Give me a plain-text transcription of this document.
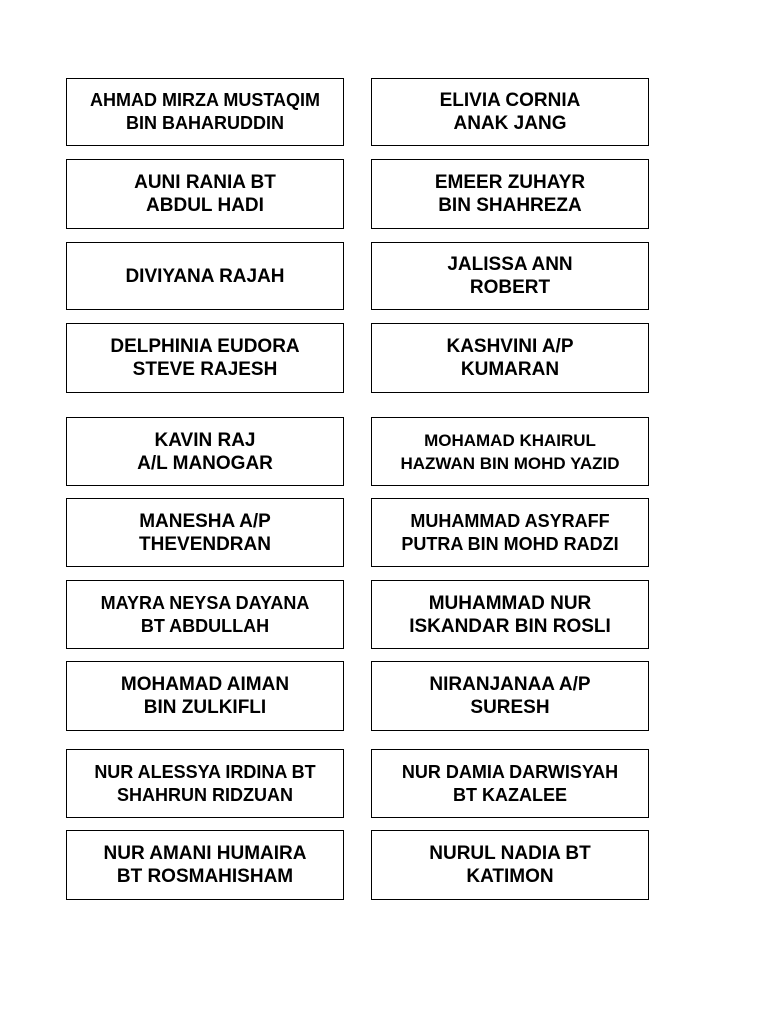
AHMAD MIRZA MUSTAQIM
BIN BAHARUDDIN
ELIVIA CORNIA
ANAK JANG
AUNI RANIA BT
ABDUL HADI
EMEER ZUHAYR
BIN SHAHREZA
DIVIYANA RAJAH
JALISSA ANN
ROBERT
DELPHINIA EUDORA
STEVE RAJESH
KASHVINI A/P
KUMARAN
KAVIN RAJ
A/L MANOGAR
MOHAMAD KHAIRUL
HAZWAN BIN MOHD YAZID
MANESHA A/P
THEVENDRAN
MUHAMMAD ASYRAFF
PUTRA BIN MOHD RADZI
MAYRA NEYSA DAYANA
BT ABDULLAH
MUHAMMAD NUR
ISKANDAR BIN ROSLI
MOHAMAD AIMAN
BIN ZULKIFLI
NIRANJANAA A/P
SURESH
NUR ALESSYA IRDINA BT
SHAHRUN RIDZUAN
NUR DAMIA DARWISYAH
BT KAZALEE
NUR AMANI HUMAIRA
BT ROSMAHISHAM
NURUL NADIA BT
KATIMON
